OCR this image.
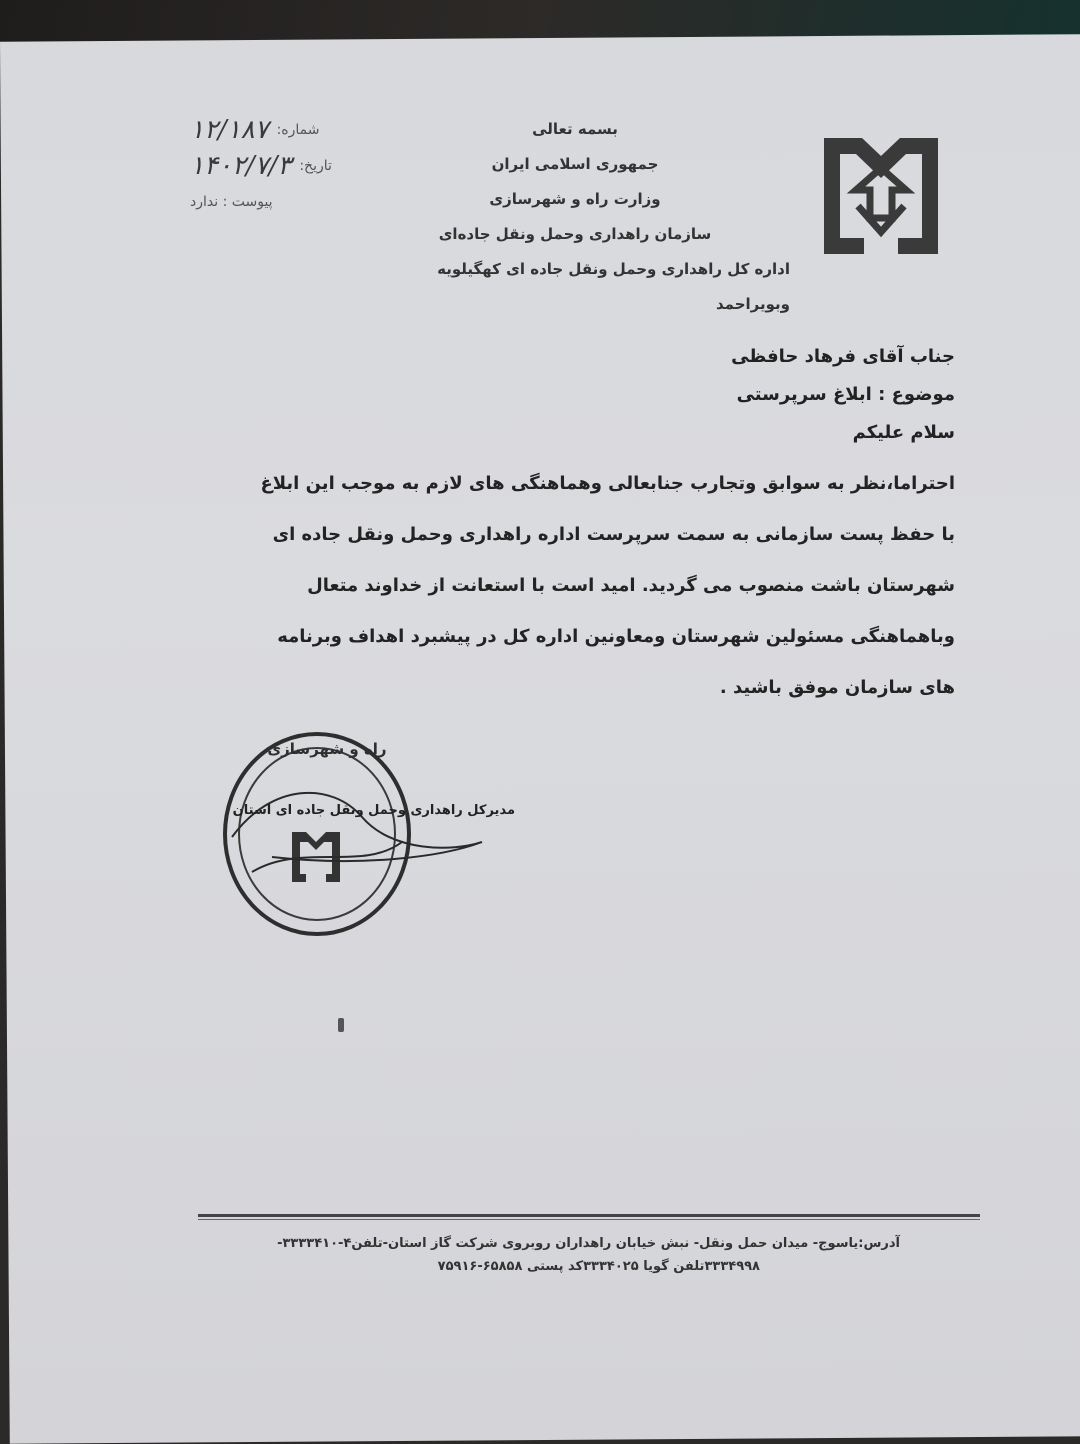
بسمه تعالی
جمهوری اسلامی ایران
وزارت راه و شهرسازی
سازمان راهداری وحمل ونقل جاده‌ای
اداره کل راهداری وحمل ونقل جاده ای کهگیلویه وبویراحمد
شماره:
۱۲/۱۸۷
تاریخ:
۱۴۰۲/۷/۳
پیوست : ندارد
جناب آقای فرهاد حافظی
موضوع : ابلاغ سرپرستی
سلام علیکم

احتراما،نظر به سوابق وتجارب جنابعالی وهماهنگی های لازم به موجب این ابلاغ

با حفظ پست سازمانی به سمت سرپرست اداره راهداری وحمل ونقل جاده ای

شهرستان باشت منصوب می گردید. امید است با استعانت از خداوند متعال

وباهماهنگی مسئولین شهرستان ومعاونین اداره کل در پیشبرد اهداف وبرنامه

های سازمان موفق باشید .

راه و شهرسازی
مدیرکل راهداری وحمل ونقل جاده ای استان
آدرس:یاسوج- میدان حمل ونقل- نبش خیابان راهداران روبروی شرکت گاز استان-تلفن۴-۳۳۳۳۴۱۰-
۳۳۳۴۹۹۸تلفن گویا ۳۳۳۴۰۲۵کد پستی ۶۵۸۵۸-۷۵۹۱۶
